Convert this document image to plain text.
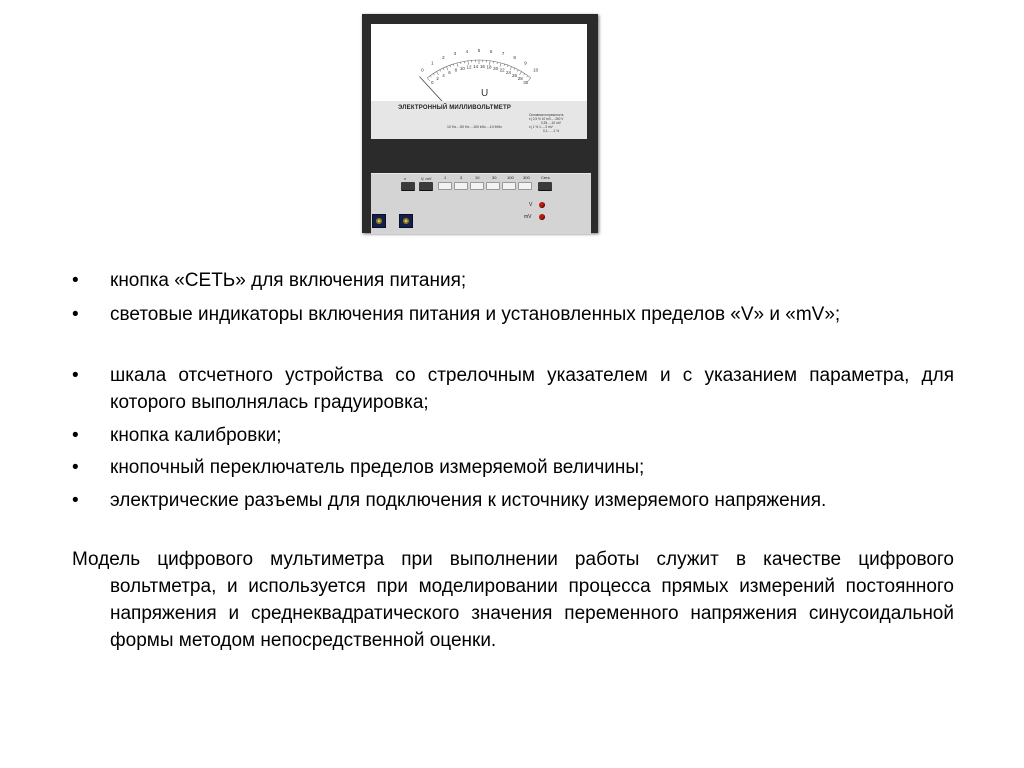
0
1
2
3 4 5 6 7
8
9
10
0
2
4
6 8 10 12 14 16 18 20 22 24
26
28
30
U
ЭЛЕКТРОННЫЙ МИЛЛИВОЛЬТМЕТР
10 Hz....50 Hz....100 kHz....10 MHz
Основная погрешность
±( 2,5 % 10 mV.....300 V
0,25.....10 mV
±( 1 % 1.....3 mV
0,1.......1 %
x	V, mV	1	3	10	30	100 300	Сеть
V
mV
• кнопка «СЕТЬ» для включения питания;
• световые индикаторы включения питания и установленных пределов «V» и «mV»;
• шкала отсчетного устройства со стрелочным указателем и с указанием параметра, для которого выполнялась градуировка;
• кнопка калибровки;
• кнопочный переключатель пределов измеряемой величины;
• электрические разъемы для подключения к источнику измеряемого напряжения.
Модель цифрового мультиметра при выполнении работы служит в качестве цифрового вольтметра, и используется при моделировании процесса прямых измерений постоянного напряжения и среднеквадратического значения переменного напряжения синусоидальной формы методом непосредственной оценки.
